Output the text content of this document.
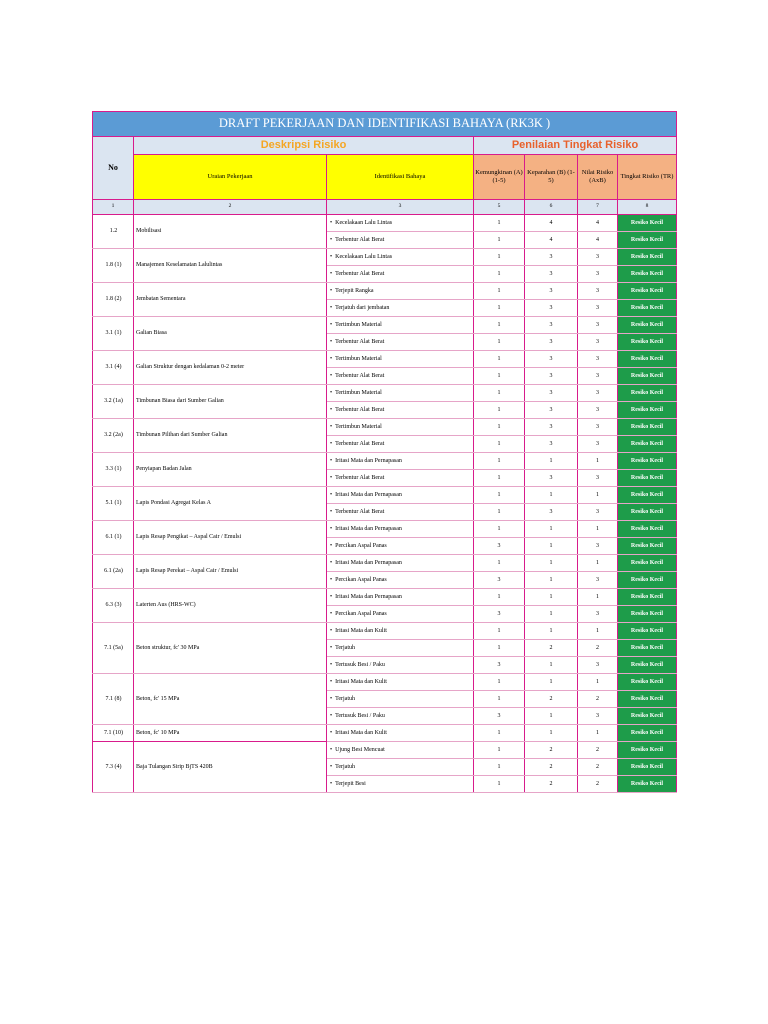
DRAFT PEKERJAAN DAN IDENTIFIKASI BAHAYA (RK3K )						
No	Deskripsi Risiko		Penilaian Tingkat Risiko			
	Uraian Pekerjaan	Identifikasi Bahaya	Kemungkinan (A) (1-5)	Keparahan (B) (1-5)	Nilai Risiko (AxB)	Tingkat Risiko (TR)
1	2	3	5	6	7	8
1.2	Mobilisasi	• Kecelakaan Lalu Lintas	1	4	4	Resiko Kecil
		• Terbentur Alat Berat	1	4	4	Resiko Kecil
1.8 (1)	Manajemen Keselamatan Lalulintas	• Kecelakaan Lalu Lintas	1	3	3	Resiko Kecil
		• Terbentur Alat Berat	1	3	3	Resiko Kecil
1.8 (2)	Jembatan Sementara	• Terjepit Rangka	1	3	3	Resiko Kecil
		• Terjatuh dari jembatan	1	3	3	Resiko Kecil
3.1 (1)	Galian Biasa	• Tertimbun Material	1	3	3	Resiko Kecil
		• Terbentur Alat Berat	1	3	3	Resiko Kecil
3.1 (4)	Galian Struktur dengan kedalaman 0-2 meter	• Tertimbun Material	1	3	3	Resiko Kecil
		• Terbentur Alat Berat	1	3	3	Resiko Kecil
3.2 (1a)	Timbunan Biasa dari Sumber Galian	• Tertimbun Material	1	3	3	Resiko Kecil
		• Terbentur Alat Berat	1	3	3	Resiko Kecil
3.2 (2a)	Timbunan Pilihan dari Sumber Galian	• Tertimbun Material	1	3	3	Resiko Kecil
		• Terbentur Alat Berat	1	3	3	Resiko Kecil
3.3 (1)	Penyiapan Badan Jalan	• Iritasi Mata dan Pernapasan	1	1	1	Resiko Kecil
		• Terbentur Alat Berat	1	3	3	Resiko Kecil
5.1 (1)	Lapis Pondasi Agregat Kelas A	• Iritasi Mata dan Pernapasan	1	1	1	Resiko Kecil
		• Terbentur Alat Berat	1	3	3	Resiko Kecil
6.1 (1)	Lapis Resap Pengikat – Aspal Cair / Emulsi	• Iritasi Mata dan Pernapasan	1	1	1	Resiko Kecil
		• Percikan Aspal Panas	3	1	3	Resiko Kecil
6.1 (2a)	Lapis Resap Perekat – Aspal Cair / Emulsi	• Iritasi Mata dan Pernapasan	1	1	1	Resiko Kecil
		• Percikan Aspal Panas	3	1	3	Resiko Kecil
6.3 (3)	Laterten Aus (HRS-WC)	• Iritasi Mata dan Pernapasan	1	1	1	Resiko Kecil
		• Percikan Aspal Panas	3	1	3	Resiko Kecil
7.1 (5a)	Beton struktur, fc' 30 MPa	• Iritasi Mata dan Kulit	1	1	1	Resiko Kecil
		• Terjatuh	1	2	2	Resiko Kecil
		• Tertusuk Besi / Paku	3	1	3	Resiko Kecil
7.1 (8)	Beton, fc' 15 MPa	• Iritasi Mata dan Kulit	1	1	1	Resiko Kecil
		• Terjatuh	1	2	2	Resiko Kecil
		• Tertusuk Besi / Paku	3	1	3	Resiko Kecil
7.1 (10)	Beton, fc' 10 MPa	• Iritasi Mata dan Kulit	1	1	1	Resiko Kecil
7.3 (4)	Baja Tulangan Sirip BjTS 420B	• Ujung Besi Mencuat	1	2	2	Resiko Kecil
		• Terjatuh	1	2	2	Resiko Kecil
		• Terjepit Besi	1	2	2	Resiko Kecil
